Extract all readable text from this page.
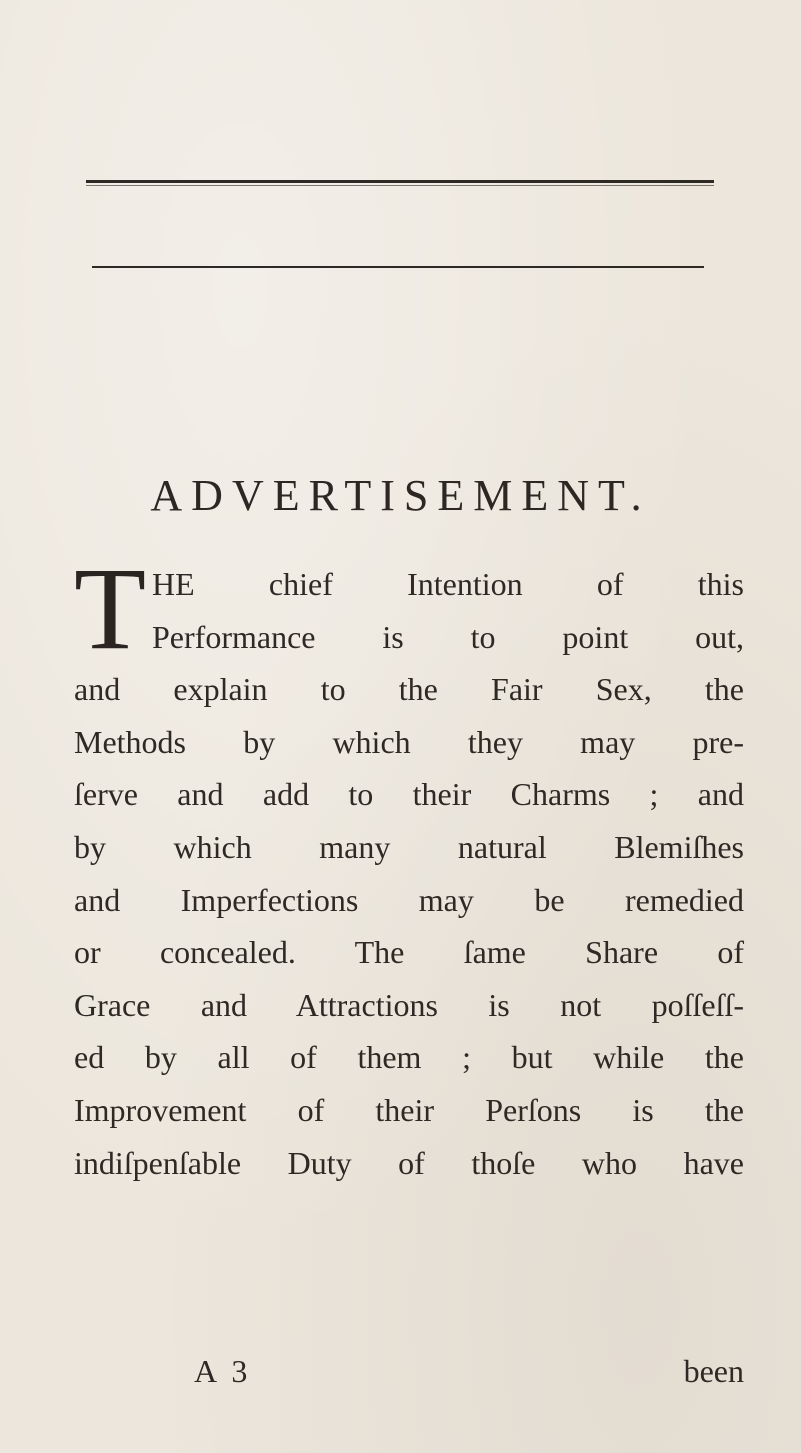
ADVERTISEMENT.
T HE chief Intention of this
Performance is to point out,
and explain to the Fair Sex, the
Methods by which they may pre-
ſerve and add to their Charms ; and
by which many natural Blemiſhes
and Imperfections may be remedied
or concealed. The ſame Share of
Grace and Attractions is not poſſeſſ-
ed by all of them ; but while the
Improvement of their Perſons is the
indiſpenſable Duty of thoſe who have
A 3	been
